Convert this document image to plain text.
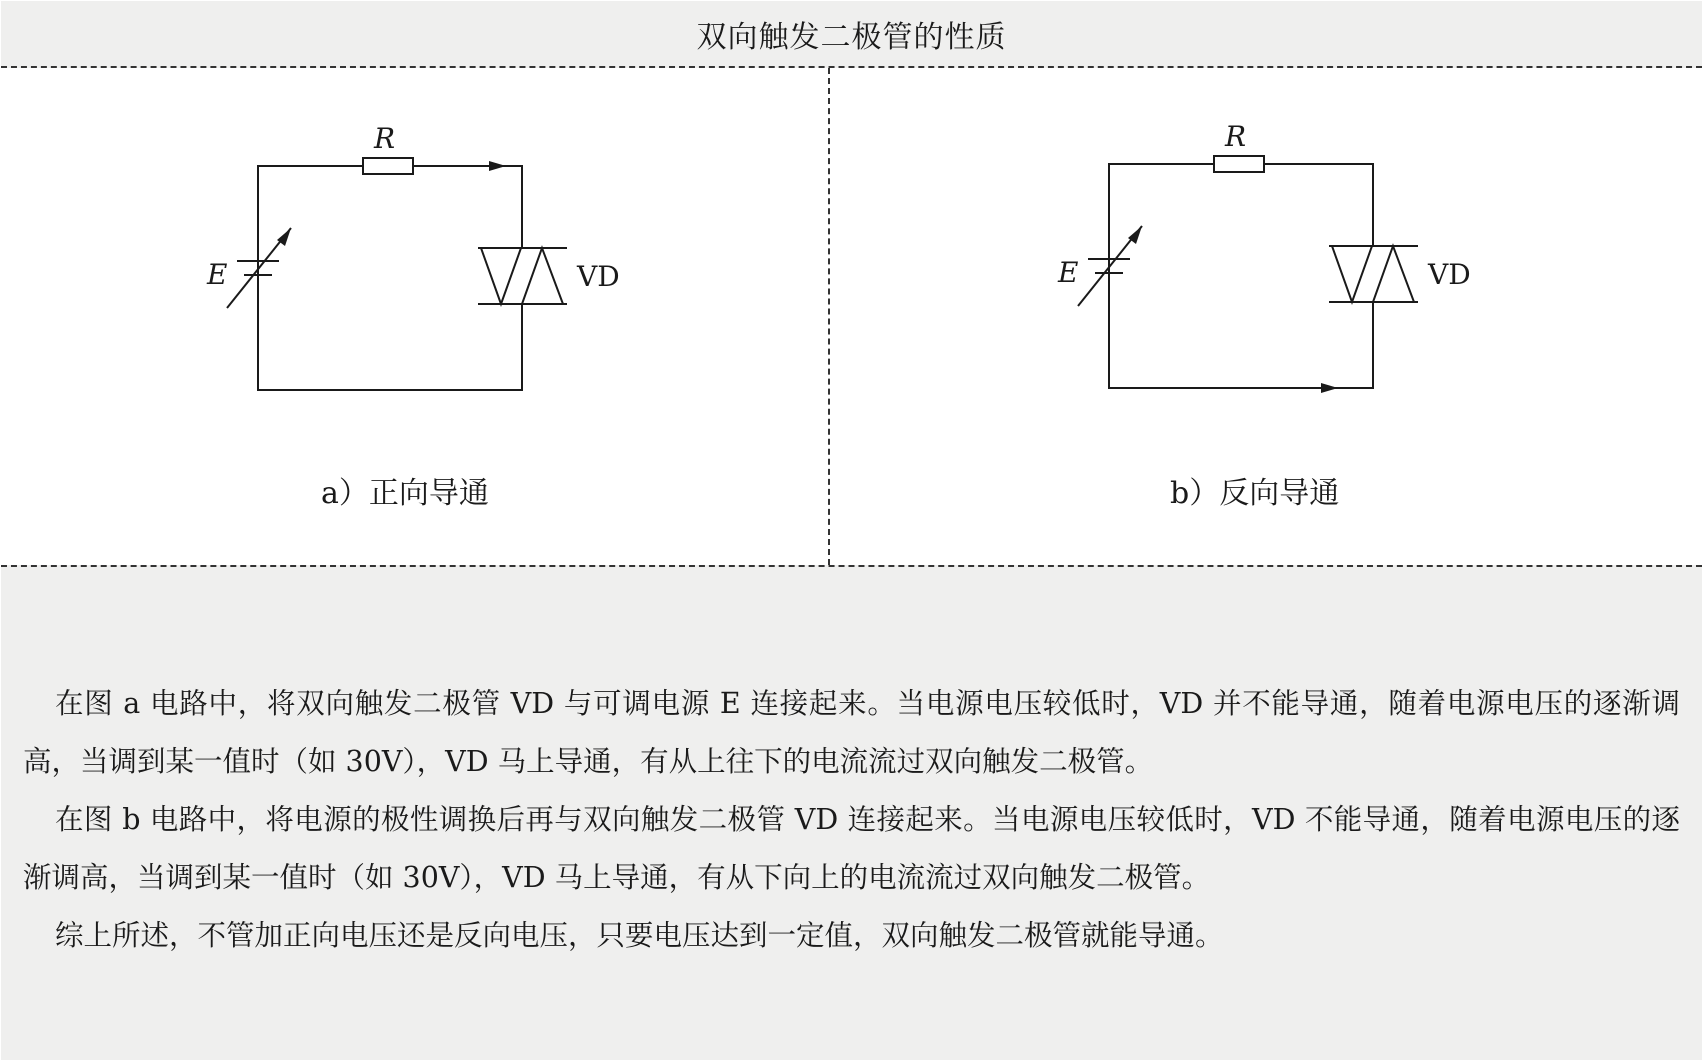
双向触发二极管的性质
R
E	VD
a）正向导通
R
E	VD
b）反向导通

在图 a 电路中，将双向触发二极管 VD 与可调电源 E 连接起来。当电源电压较低时，VD 并不能导通，随着电源电压的逐渐调高，当调到某一值时（如 30V），VD 马上导通，有从上往下的电流流过双向触发二极管。

在图 b 电路中，将电源的极性调换后再与双向触发二极管 VD 连接起来。当电源电压较低时，VD 不能导通，随着电源电压的逐渐调高，当调到某一值时（如 30V），VD 马上导通，有从下向上的电流流过双向触发二极管。

综上所述，不管加正向电压还是反向电压，只要电压达到一定值，双向触发二极管就能导通。
